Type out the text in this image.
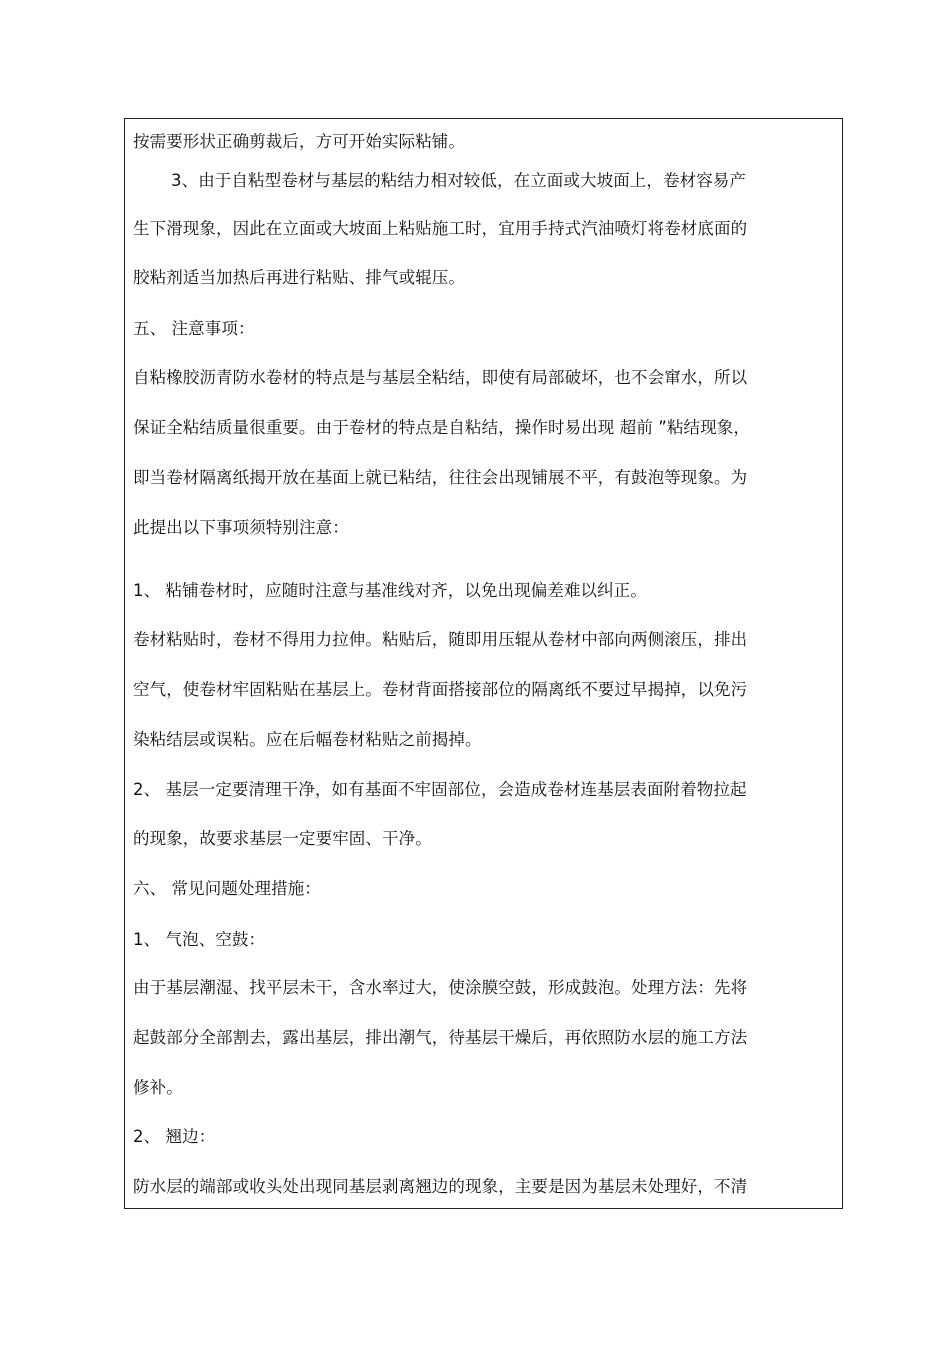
按需要形状正确剪裁后，方可开始实际粘铺。
3、由于自粘型卷材与基层的粘结力相对较低，在立面或大坡面上，卷材容易产
生下滑现象，因此在立面或大坡面上粘贴施工时，宜用手持式汽油喷灯将卷材底面的
胶粘剂适当加热后再进行粘贴、排气或辊压。
五、 注意事项：
自粘橡胶沥青防水卷材的特点是与基层全粘结，即使有局部破坏，也不会窜水，所以
保证全粘结质量很重要。由于卷材的特点是自粘结，操作时易出现 超前 ”粘结现象，
即当卷材隔离纸揭开放在基面上就已粘结，往往会出现铺展不平，有鼓泡等现象。为
此提出以下事项须特别注意：
1、 粘铺卷材时，应随时注意与基准线对齐，以免出现偏差难以纠正。
卷材粘贴时，卷材不得用力拉伸。粘贴后，随即用压辊从卷材中部向两侧滚压，排出
空气，使卷材牢固粘贴在基层上。卷材背面搭接部位的隔离纸不要过早揭掉，以免污
染粘结层或误粘。应在后幅卷材粘贴之前揭掉。
2、 基层一定要清理干净，如有基面不牢固部位，会造成卷材连基层表面附着物拉起
的现象，故要求基层一定要牢固、干净。
六、 常见问题处理措施：
1、 气泡、空鼓：
由于基层潮湿、找平层未干，含水率过大，使涂膜空鼓，形成鼓泡。处理方法：先将
起鼓部分全部割去，露出基层，排出潮气，待基层干燥后，再依照防水层的施工方法
修补。
2、 翘边：
防水层的端部或收头处出现同基层剥离翘边的现象，主要是因为基层未处理好，不清
